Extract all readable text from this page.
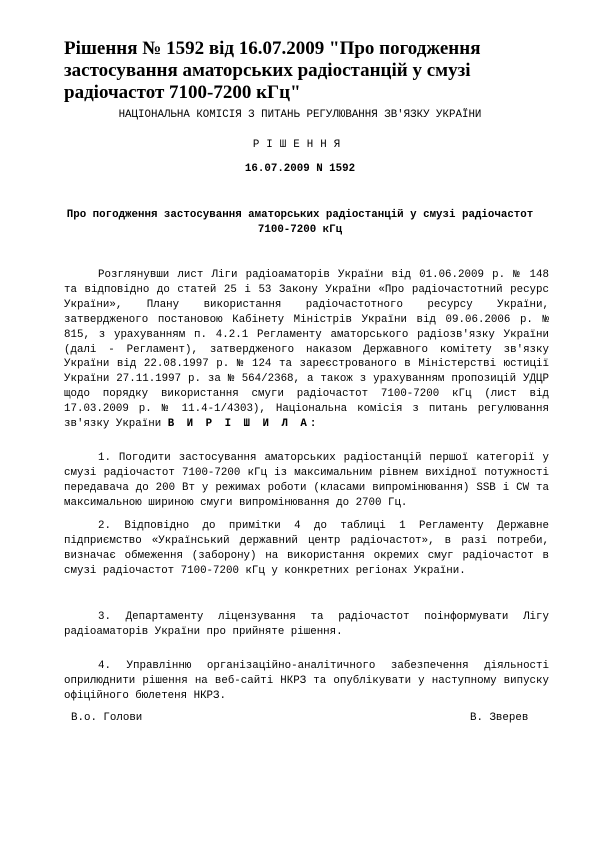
Рішення № 1592 від 16.07.2009 "Про погодження застосування аматорських радіостанцій у смузі радіочастот 7100-7200 кГц"

НАЦІОНАЛЬНА КОМІСІЯ З ПИТАНЬ РЕГУЛЮВАННЯ ЗВ'ЯЗКУ УКРАЇНИ

РІШЕННЯ

16.07.2009 N 1592

Про погодження застосування аматорських радіостанцій у смузі радіочастот 7100-7200 кГц

Розглянувши лист Ліги радіоаматорів України від 01.06.2009 р. № 148 та відповідно до статей 25 і 53 Закону України «Про радіочастотний ресурс України», Плану використання радіочастотного ресурсу України, затвердженого постановою Кабінету Міністрів України від 09.06.2006 р. № 815, з урахуванням п. 4.2.1 Регламенту аматорського радіозв'язку України (далі - Регламент), затвердженого наказом Державного комітету зв'язку України від 22.08.1997 р. № 124 та зареєстрованого в Міністерстві юстиції України 27.11.1997 р. за № 564/2368, а також з урахуванням пропозицій УДЦР щодо порядку використання смуги радіочастот 7100-7200 кГц (лист від 17.03.2009 р. № 11.4-1/4303), Національна комісія з питань регулювання зв'язку України В И Р І Ш И Л А:

1. Погодити застосування аматорських радіостанцій першої категорії у смузі радіочастот 7100-7200 кГц із максимальним рівнем вихідної потужності передавача до 200 Вт у режимах роботи (класами випромінювання) SSB і CW та максимальною шириною смуги випромінювання до 2700 Гц.

2. Відповідно до примітки 4 до таблиці 1 Регламенту Державне підприємство «Український державний центр радіочастот», в разі потреби, визначає обмеження (заборону) на використання окремих смуг радіочастот в смузі радіочастот 7100-7200 кГц у конкретних регіонах України.

3. Департаменту ліцензування та радіочастот поінформувати Лігу радіоаматорів України про прийняте рішення.

4. Управлінню організаційно-аналітичного забезпечення діяльності оприлюднити рішення на веб-сайті НКРЗ та опублікувати у наступному випуску офіційного бюлетеня НКРЗ.

В.о. Голови	В. Зверев
